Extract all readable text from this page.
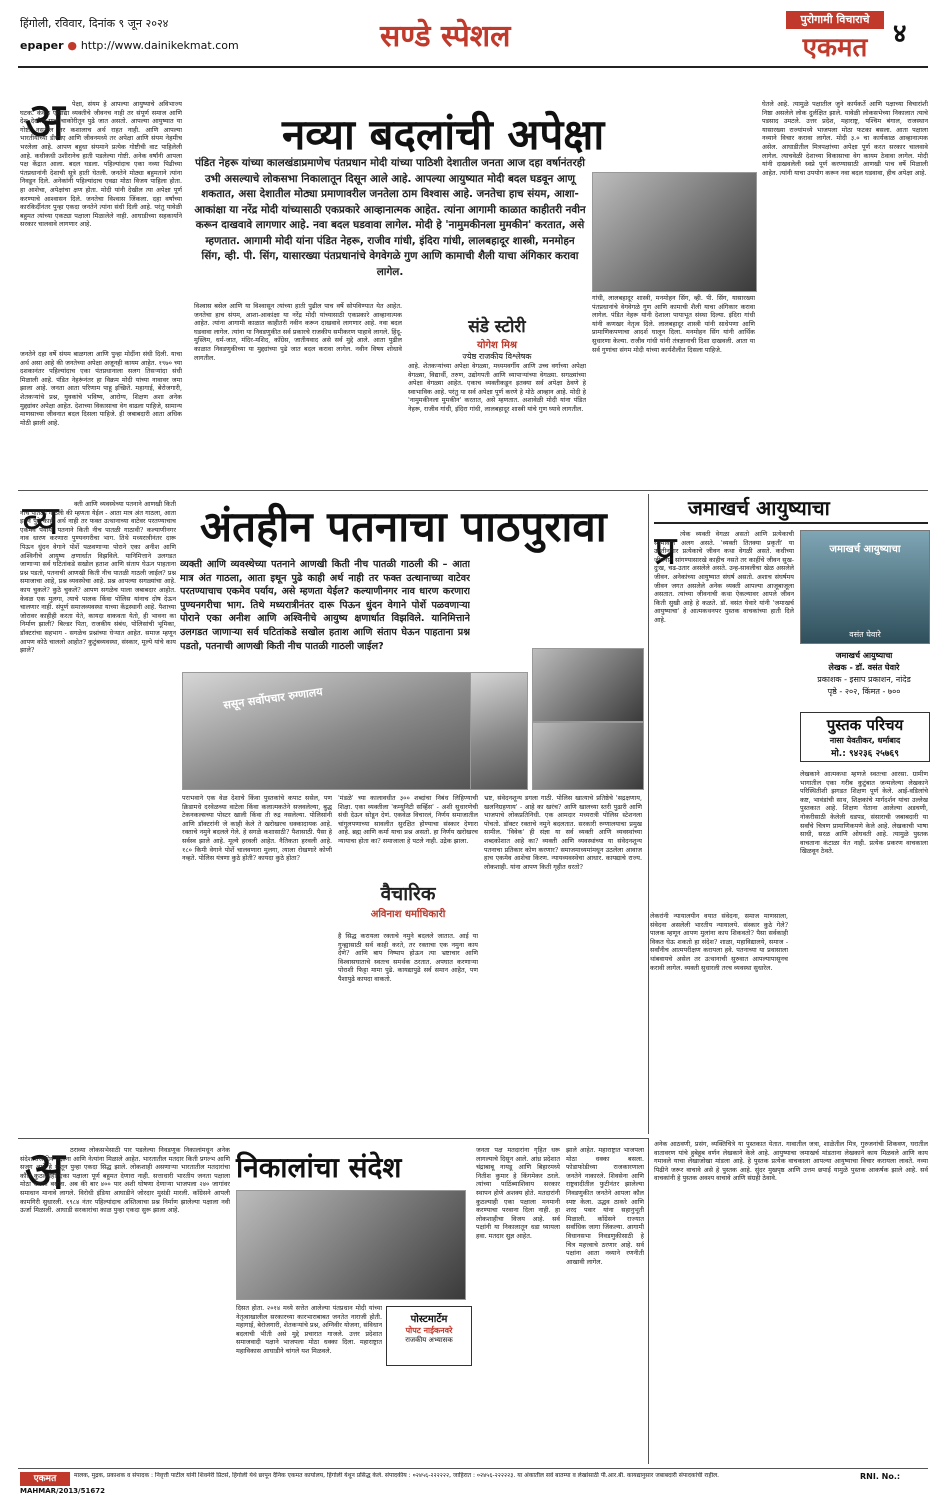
हिंगोली, रविवार, दिनांक ९ जून २०२४
epaper ● http://www.dainikekmat.com	सण्डे स्पेशल	पुरोगामी विचाराचे
एकमत ४
अ	पेक्षा, संयम हे आपल्या आयुष्याचे अविभाज्य घटक. केवळ एखाद्या व्यक्तीचे जीवनच नाही तर संपूर्ण समाज आणि देश देखील याच चाकोरीतून पुढे जात असतो. आपल्या आयुष्यात या गोष्टी नसतील तर कशालाच अर्थ राहत नाही. आणि आपल्या भारतीयांच्या डीएनए आणि जीवनमध्ये तर अपेक्षा आणि संयम नेहमीच भरलेला आहे. आपण बहुधा संयमाने प्रत्येक गोष्टीची वाट पाहिलेली आहे. कधीकधी उशीरानेच हाती पडलेल्या गोष्टी. अनेक वर्षांनी आपला पक्ष केंद्रात आला. बदल घडला. पहिल्यांदाच एका नव्या पिढीच्या पंतप्रधानांनी देशाची सूत्रे हाती घेतली. जनतेने मोठ्या बहुमताने त्यांना निवडून दिले. अनेकांनी पहिल्यांदाच एवढा मोठा विजय पाहिला होता. हा आशेचा, अपेक्षांचा क्षण होता. मोदी यांनी देखील त्या अपेक्षा पूर्ण करण्याचे आश्वासन दिले. जनतेचा विश्वास जिंकला. दहा वर्षांच्या कारकिर्दीनंतर पुन्हा एकदा जनतेने त्यांना संधी दिली आहे. परंतु यावेळी बहुमत त्यांच्या एकट्या पक्षाला मिळालेले नाही. आघाडीच्या सहकार्याने सरकार चालवावे लागणार आहे.
जनतेने दहा वर्षे संयम बाळगला आणि पुन्हा मोदींना संधी दिली. याचा अर्थ असा आहे की जनतेच्या अपेक्षा अजूनही कायम आहेत. १९७० च्या दशकानंतर पहिल्यांदाच एका पंतप्रधानाला सलग तिसऱ्यांदा संधी मिळाली आहे. पंडित नेहरूंनंतर हा विक्रम मोदी यांच्या नावावर जमा झाला आहे. जनता आता परिणाम पाहू इच्छिते. महागाई, बेरोजगारी, शेतकऱ्यांचे प्रश्न, युवकांचे भविष्य, आरोग्य, शिक्षण अशा अनेक मुद्द्यांवर अपेक्षा आहेत. देशाच्या विकासाचा वेग वाढला पाहिजे, सामान्य माणसाच्या जीवनात बदल दिसला पाहिजे. ही जबाबदारी आता अधिक मोठी झाली आहे.
नव्या बदलांची अपेक्षा
पंडित नेहरू यांच्या कालखंडाप्रमाणेच पंतप्रधान मोदी यांच्या पाठिशी देशातील जनता आज दहा वर्षानंतरही उभी असल्याचे लोकसभा निकालातून दिसून आले आहे. आपल्या आयुष्यात मोदी बदल घडवून आणू शकतात, असा देशातील मोठ्या प्रमाणावरील जनतेला ठाम विश्वास आहे. जनतेचा हाच संयम, आशा-आकांक्षा या नरेंद्र मोदी यांच्यासाठी एकप्रकारे आव्हानात्मक आहेत. त्यांना आगामी काळात काहीतरी नवीन करून दाखवावे लागणार आहे. नवा बदल घडवावा लागेल. मोदी हे 'नामुमकीनला मुमकीन' करतात, असे म्हणतात. आगामी मोदी यांना पंडित नेहरू, राजीव गांधी, इंदिरा गांधी, लालबहादूर शास्त्री, मनमोहन सिंग, व्ही. पी. सिंग, यासारख्या पंतप्रधानांचे वेगवेगळे गुण आणि कामाची शैली याचा अंगिकार करावा लागेल.
विश्वास बसेल आणि या विश्वासून त्यांच्या हाती पुढील पाच वर्षे सोपविण्यात येत आहेत. जनतेचा हाच संयम, आशा-आकांक्षा या नरेंद्र मोदी यांच्यासाठी एकप्रकारे आव्हानात्मक आहेत. त्यांना आगामी काळात काहीतरी नवीन करून दाखवावे लागणार आहे. नवा बदल घडवावा लागेल. त्यांना या निवडणुकीत सर्व प्रकारचे राजकीय समीकरण पाहावे लागले. हिंदू-मुस्लिम, धर्म-जात, मंदिर-मशिद, काँग्रेस, जातीयवाद असे सर्व मुद्दे आले. आता पुढील काळात निवडणुकीच्या या मुद्द्यांच्या पुढे जात बदल करावा लागेल. नवीन विषय शोधावे लागतील.
संडे स्टोरी
योगेश मिश्र
ज्येष्ठ राजकीय विश्लेषक
आहे. शेतकऱ्यांच्या अपेक्षा वेगळ्या, मध्यमवर्गीय आणि उच्च वर्गाच्या अपेक्षा वेगळ्या, विद्यार्थी, तरुण, उद्योगपती आणि व्यापाऱ्यांच्या वेगळ्या. सगळ्यांच्या अपेक्षा वेगळ्या आहेत. एकाच व्यक्तीकडून इतक्या सर्व अपेक्षा ठेवणे हे स्वाभाविक आहे. परंतु या सर्व अपेक्षा पूर्ण करणे हे मोठे आव्हान आहे. मोदी हे 'नामुमकीनला मुमकीन' करतात, असे म्हणतात. अशावेळी मोदी यांना पंडित नेहरू, राजीव गांधी, इंदिरा गांधी, लालबहादूर शास्त्री यांचे गुण घ्यावे लागतील.
गांधी, लालबहादूर शास्त्री, मनमोहन सिंग, व्ही. पी. सिंग, यासारख्या पंतप्रधानांचे वेगवेगळे गुण आणि कामाची शैली याचा अंगिकार करावा लागेल. पंडित नेहरू यांनी देशाला पायाभूत संस्था दिल्या. इंदिरा गांधी यांनी कणखर नेतृत्व दिले. लालबहादूर शास्त्री यांनी साधेपणा आणि प्रामाणिकपणाचा आदर्श घालून दिला. मनमोहन सिंग यांनी आर्थिक सुधारणा केल्या. राजीव गांधी यांनी तंत्रज्ञानाची दिशा दाखवली. आता या सर्व गुणांचा संगम मोदी यांच्या कार्यशैलीत दिसला पाहिजे.
घेतले आहे. त्यामुळे पक्षातील जुने कार्यकर्ते आणि पक्षाच्या विचारांशी निष्ठा असलेले लोक दुर्लक्षित झाले. यावेळी लोकसभेच्या निकालात त्याचे पडसाद उमटले. उत्तर प्रदेश, महाराष्ट्र, पश्चिम बंगाल, राजस्थान यासारख्या राज्यांमध्ये भाजपला मोठा फटका बसला. आता पक्षाला नव्याने विचार करावा लागेल. मोदी ३.० चा कार्यकाळ आव्हानात्मक असेल. आघाडीतील मित्रपक्षांच्या अपेक्षा पूर्ण करत सरकार चालवावे लागेल. त्याचवेळी देशाच्या विकासाचा वेग कायम ठेवावा लागेल. मोदी यांनी दाखवलेली स्वप्ने पूर्ण करण्यासाठी आणखी पाच वर्षे मिळाली आहेत. त्यांनी याचा उपयोग करून नवा बदल घडवावा, हीच अपेक्षा आहे.
व्य	क्ती आणि व्यवस्थेच्या पतनाने आणखी किती नीच पातळी गाठली की म्हणता येईल - आता मात्र अंत गाठला, आता इथून पुढे काही अर्थ नाही तर फक्त उत्थानाच्या वाटेवर परतण्याचाच एकमेव पर्याय. पतनाने किती नीच पातळी गाठावी? कल्याणीनगर नाव धारण करणारा पुण्यनगरीचा भाग. तिथे मध्यरात्रीनंतर दारू पिऊन धुंदन वेगाने पोर्शे पळवणाऱ्या पोराने एका अनीश आणि अश्विनीचे आयुष्य क्षणार्धात विझविले. यानिमित्ताने उलगडत जाणाऱ्या सर्व घटितांकडे सखोल हताश आणि संताप घेऊन पाहताना प्रश्न पडतो, पतनाची आणखी किती नीच पातळी गाठली जाईल? प्रश्न समाजाचा आहे, प्रश्न व्यवस्थेचा आहे. प्रश्न आपल्या सगळ्यांचा आहे. काय चुकले? कुठे चुकले? आपण सगळेच याला जबाबदार आहोत. केवळ एक मुलगा, त्याचे पालक किंवा पोलिस यांनाच दोष देऊन चालणार नाही. संपूर्ण समाजव्यवस्था याच्या केंद्रस्थानी आहे. पैशाच्या जोरावर काहीही करता येते, कायदा वाकवता येतो, ही भावना का निर्माण झाली? बिल्डर पिता, राजकीय संबंध, पोलिसांची भूमिका, डॉक्टरांचा सहभाग - सगळेच प्रश्नांच्या घेऱ्यात आहेत. समाज म्हणून आपण कोठे चाललो आहोत? कुटुंबव्यवस्था, संस्कार, मूल्ये यांचे काय झाले?
अंतहीन पतनाचा पाठपुरावा
व्यक्ती आणि व्यवस्थेच्या पतनाने आणखी किती नीच पातळी गाठली की – आता मात्र अंत गाठला, आता इथून पुढे काही अर्थ नाही तर फक्त उत्थानाच्या वाटेवर परतण्याचाच एकमेव पर्याय, असे म्हणता येईल? कल्याणीनगर नाव धारण करणारा पुण्यनगरीचा भाग. तिथे मध्यरात्रीनंतर दारू पिऊन धुंदन वेगाने पोर्शे पळवणाऱ्या पोराने एका अनीश आणि अश्विनीचे आयुष्य क्षणार्धात विझविले. यानिमित्ताने उलगडत जाणाऱ्या सर्व घटितांकडे सखोल हताश आणि संताप घेऊन पाहताना प्रश्न पडतो, पतनाची आणखी किती नीच पातळी गाठली जाईल?
ससून सर्वोपचार रुग्णालय
पराभवाने एक वेळ देशाचे किंवा पुस्तकांचे कपाट ससेल, पण क्रिडामधे दरवेळच्या वाटेला किंवा कलात्मकतेने सजवलेल्या, बुद्ध टेकनकल्सच्या पोस्टर खाली किंवा ती रुद्र नसलेल्या. पोलिसांनी आणि डॉक्टरांनी जे काही केले ते खरोखरच धक्कादायक आहे. रक्ताचे नमुने बदलले गेले. हे सगळे कशासाठी? पैशासाठी. पैसा हे सर्वस्व झाले आहे. मूल्ये हरवली आहेत. नैतिकता हरवली आहे. १८० किमी वेगाने पोर्शे चालवणारा मुलगा, त्याला रोखणारे कोणी नव्हते. पोलिस यंत्रणा कुठे होती? कायदा कुठे होता?
'मंडळे' च्या कालावधीत ३०० शब्दांचा निबंध लिहिण्याची शिक्षा. एका व्यक्तीला 'कम्युनिटी सर्व्हिस' - अशी सुधारणेची संधी देऊन सोडून देणं. एकवेळ विचारलं, निर्णय समाजातील चांगुलपणाच्या सावलीत सुरक्षित होण्याचा संस्कार देणारा आहे. ब्रह्म आणि कर्मा याचा प्रश्न असतो. हा निर्णय खरोखरच न्यायाचा होता का? समाजाला हे पटले नाही. उद्रेक झाला.
वैचारिक
अविनाश धर्माधिकारी
है सिद्ध करायला रक्ताचे नमुने बदलले जातात. आई या गुन्ह्यासाठी सर्व काही करते, तर रक्ताचा एक नमुना काय देणे? आणि बाप निष्पाप होऊन त्या भ्रष्टाचार आणि विश्वासघाताचे स्वतःच समर्थक ठरतात. अपघात करणाऱ्या पोराशी फिट्टा मामा पुढे. कायद्यापुढे सर्व समान आहेत, पण पैशापुढे कायदा वाकतो.
भ्रष्ट, संवेदनशून्य डगला गाठी. पोलिस खात्याचे प्रतिष्ठेचे 'सद्रक्षणाय, खलनिग्रहणाय' - आहे का खरंच? आणि खालच्या स्तरी पुढारी आणि भाजपाचे लोकप्रतिनिधी. एक आमदार मध्यरात्री पोलिस स्टेशनला पोचतो. डॉक्टर रक्ताचे नमुने बदलतात. सरकारी रुग्णालयाचा प्रमुख सामील. 'विवेक' ही संज्ञा या सर्व व्यक्ती आणि व्यवस्थांच्या शब्दकोशात आहे का? व्यक्ती आणि व्यवस्थांच्या या संवेदनशून्य पतनाचा प्रतिकार कोण करणार? समाजमाध्यमांमधून उठलेला आवाज हाच एकमेव आशेचा किरण. न्यायव्यवस्थेचा आधार. कायद्याचे राज्य. लोकशाही. यांना आपण किती गृहीत धरतो?
लेकरांनी न्यायालयीन वयात संवेदना, समाज माणसाला, संवेदना असलेली भारतीय न्यायालये. संस्कार कुठे गेले? पालक म्हणून आपण मुलांना काय शिकवतो? पैसा सर्वकाही विकत घेऊ शकतो हा संदेश? शाळा, महाविद्यालये, समाज - सर्वांनीच आत्मपरीक्षण करायला हवे. पतनाच्या या प्रवासाला थांबवायचे असेल तर उत्थानाची सुरुवात आपल्यापासूनच करावी लागेल. व्यक्ती सुधारली तरच व्यवस्था सुधारेल.
जमाखर्च आयुष्याचा
प्र त्येक व्यक्ती वेगळा असतो आणि प्रत्येकाची स्वभावात अलग असते. 'व्यक्ती तितक्या प्रकृती' या उक्तीनुसार प्रत्येकाचे जीवन कथा वेगळी असते. कधीच्या जीवनात सांगण्यासारखे काहीच नसते तर काहींचे जीवन सुख-दुःख, चढ-उतार असलेले असते. उन्ह-सावलीचा खेळ असलेले जीवन. अनेकांच्या आयुष्यात संघर्ष असतो. अशाच संघर्षमय जीवन जगत असलेले अनेक व्यक्ती आपल्या आजूबाजूला असतात. त्यांच्या जीवनाची कथा ऐकल्यावर आपले जीवन किती सुखी आहे हे कळते. डॉ. वसंत घेवारे यांनी 'जमाखर्च आयुष्याचा' हे आत्मकथनपर पुस्तक वाचकांच्या हाती दिले आहे.
जमाखर्च आयुष्याचा
वसंत घेवारे
जमाखर्च आयुष्याचा
लेखक - डॉ. वसंत घेवारे
प्रकाशक - इसाप प्रकाशन, नांदेड
पृष्ठे - २०२, किंमत - ७००
पुस्तक परिचय
नासा येवतीकर, धर्माबाद
मो.: ९४२३६ २५७६९
लेखकाने आत्मकथा म्हणजे स्वतःचा आरसा. ग्रामीण भागातील एका गरीब कुटुंबात जन्मलेल्या लेखकाने परिस्थितीशी झगडत शिक्षण पूर्ण केले. आई-वडिलांचे कष्ट, भावंडांची साथ, शिक्षकांचे मार्गदर्शन यांचा उल्लेख पुस्तकात आहे. शिक्षण घेताना आलेल्या अडचणी, नोकरीसाठी केलेली धडपड, संसाराची जबाबदारी या सर्वांचे चित्रण प्रामाणिकपणे केले आहे. लेखकाची भाषा साधी, सरळ आणि ओघवती आहे. त्यामुळे पुस्तक वाचताना कंटाळा येत नाही. प्रत्येक प्रकरण वाचकाला खिळवून ठेवते.
अनेक आठवणी, प्रसंग, व्यक्तिचित्रे या पुस्तकात येतात. गावातील जत्रा, शाळेतील मित्र, गुरुजनांची शिकवण, घरातील वातावरण यांचे हुबेहूब वर्णन लेखकाने केले आहे. आयुष्याचा जमाखर्च मांडताना लेखकाने काय मिळवले आणि काय गमावले याचा लेखाजोखा मांडला आहे. हे पुस्तक प्रत्येक वाचकाला आपल्या आयुष्याचा विचार करायला लावते. नव्या पिढीने जरूर वाचावे असे हे पुस्तक आहे. सुंदर मुखपृष्ठ आणि उत्तम छपाई यामुळे पुस्तक आकर्षक झाले आहे. सर्व वाचकांनी हे पुस्तक अवश्य वाचावे आणि संग्रही ठेवावे.
अ ठराव्या लोकसभेसाठी पार पडलेल्या निवडणूक निकालांमधून अनेक संदेश राजकीय पक्षांना आणि नेत्यांना मिळाले आहेत. भारतातील मतदार किती प्रगल्भ आणि सजग आहे हे यातून पुन्हा एकदा सिद्ध झाले. लोकशाही असणाऱ्या भारतातील मतदारांचा कौल कुठल्याही एका पक्षाला पूर्ण बहुमत देणारा नाही. सत्ताधारी भारतीय जनता पक्षाला मोठा धक्का बसला. अब की बार ४०० पार अशी घोषणा देणाऱ्या भाजपला २४० जागांवर समाधान मानावे लागले. विरोधी इंडिया आघाडीने जोरदार मुसंडी मारली. काँग्रेसने आपली कामगिरी सुधारली. १९८४ नंतर पहिल्यांदाच अस्तित्वाचा प्रश्न निर्माण झालेल्या पक्षाला नवी ऊर्जा मिळाली. आघाडी सरकारांचा काळ पुन्हा एकदा सुरू झाला आहे.
निकालांचा संदेश
दिसत होता. २०१४ मध्ये सत्तेत आलेल्या पंतप्रधान मोदी यांच्या नेतृत्वाखालील सरकारच्या कारभाराबाबत जनतेत नाराजी होती. महागाई, बेरोजगारी, शेतकऱ्यांचे प्रश्न, अग्निवीर योजना, संविधान बदलाची भीती असे मुद्दे प्रचारात गाजले. उत्तर प्रदेशात समाजवादी पक्षाने भाजपला मोठा धक्का दिला. महाराष्ट्रात महाविकास आघाडीने चांगले यश मिळवले.
पोस्टमार्टेम
पोपट नाईकनवरे
राजकीय अभ्यासक
जनता पक्ष मतदारांना गृहित धरू लागल्याचे दिसून आले. आंध्र प्रदेशात चंद्राबाबू नायडू आणि बिहारमध्ये नितीश कुमार हे किंगमेकर ठरले. त्यांच्या पाठिंब्याशिवाय सरकार स्थापन होणे अशक्य होते. मतदारांनी कुठल्याही एका पक्षाला मनमानी करण्याचा परवाना दिला नाही. हा लोकशाहीचा विजय आहे. सर्व पक्षांनी या निकालातून धडा घ्यायला हवा. मतदार सुज्ञ आहेत.
झाले आहेत. महाराष्ट्रात भाजपला मोठा धक्का बसला. फोडाफोडीच्या राजकारणाला जनतेने नाकारले. शिवसेना आणि राष्ट्रवादीतील फुटीनंतर झालेल्या निवडणुकीत जनतेने आपला कौल स्पष्ट केला. उद्धव ठाकरे आणि शरद पवार यांना सहानुभूती मिळाली. काँग्रेसने राज्यात सर्वाधिक जागा जिंकल्या. आगामी विधानसभा निवडणुकीसाठी हे चित्र महत्त्वाचे ठरणार आहे. सर्व पक्षांना आता नव्याने रणनीती आखावी लागेल.
एकमत	मालक, मुद्रक, प्रकाशक व संपादक : निवृत्ती पाटील यांनी शिवनेरी प्रिंटर्स, हिंगोली येथे छापून दैनिक एकमत कार्यालय, हिंगोली येथून प्रसिद्ध केले. संपादकीय : ०२४५६-२२२२२२, जाहिरात : ०२४५६-२२२२२३. या अंकातील सर्व बातम्या व लेखांसाठी पी.आर.बी. कायद्यानुसार जबाबदारी संपादकांची राहील.	RNI. No.:
MAHMAR/2013/51672
